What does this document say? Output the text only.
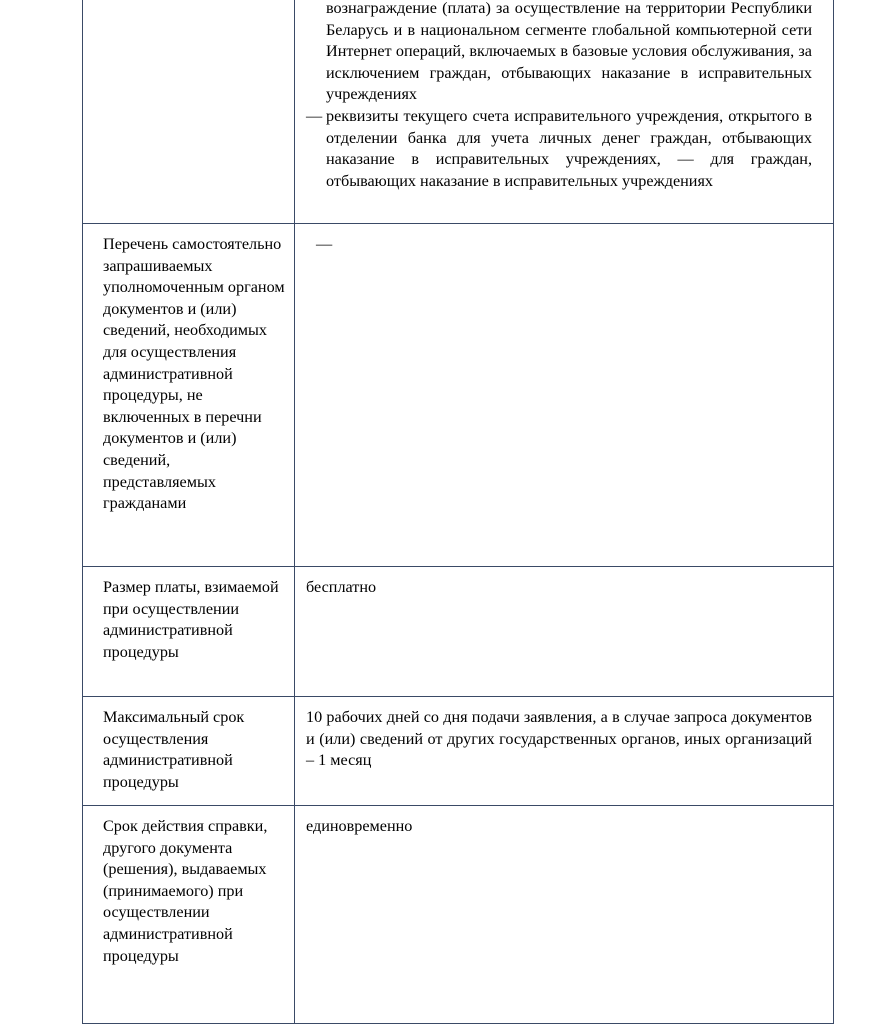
вознаграждение (плата) за осуществление на территории Республики Беларусь и в национальном сегменте глобальной компьютерной сети Интернет операций, включаемых в базовые условия обслуживания, за исключением граждан, отбывающих наказание в исправительных учреждениях
— реквизиты текущего счета исправительного учреждения, открытого в отделении банка для учета личных денег граждан, отбывающих наказание в исправительных учреждениях, — для граждан, отбывающих наказание в исправительных учреждениях

Перечень самостоятельно запрашиваемых уполномоченным органом документов и (или) сведений, необходимых для осуществления административной процедуры, не включенных в перечни документов и (или) сведений, представляемых гражданами	—

Размер платы, взимаемой при осуществлении административной процедуры	бесплатно
Максимальный срок осуществления административной процедуры	10 рабочих дней со дня подачи заявления, а в случае запроса документов и (или) сведений от других государственных органов, иных организаций – 1 месяц
Срок действия справки, другого документа (решения), выдаваемых (принимаемого) при осуществлении административной процедуры	единовременно
